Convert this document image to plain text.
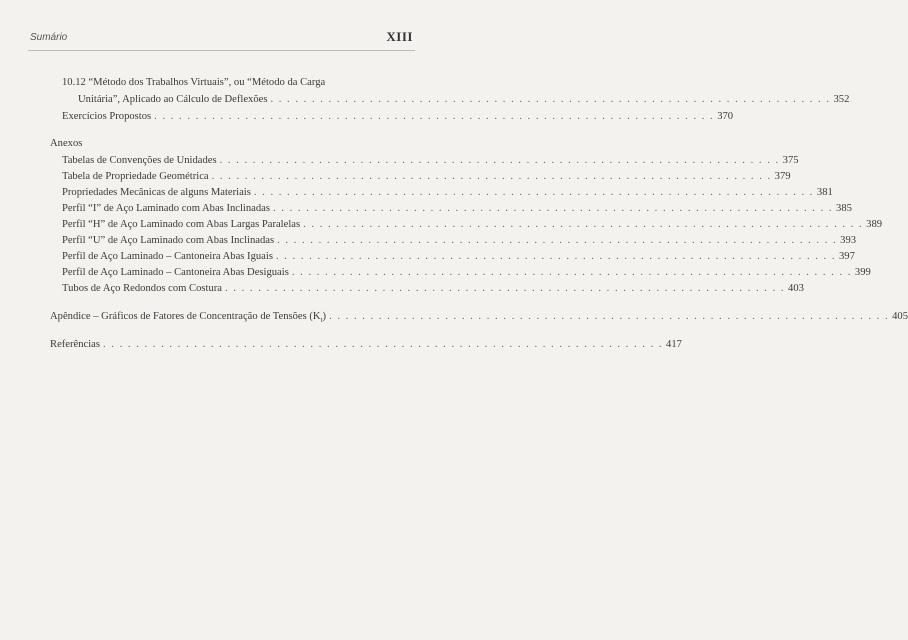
Sumário	XIII
10.12 “Método dos Trabalhos Virtuais”, ou “Método da Carga
Unitária”, Aplicado ao Cálculo de Deflexões . . . . . . . . . . . . . . . . . . . . . . . . . . . . . . . . . . . . . . . . . . . . . . . . . . . . . . . . . . . . . . . . . . . . 352
Exercícios Propostos . . . . . . . . . . . . . . . . . . . . . . . . . . . . . . . . . . . . . . . . . . . . . . . . . . . . . . . . . . . . . . . . . . . . 370
Anexos
Tabelas de Convenções de Unidades . . . . . . . . . . . . . . . . . . . . . . . . . . . . . . . . . . . . . . . . . . . . . . . . . . . . . . . . . . . . . . . . . . . . 375
Tabela de Propriedade Geométrica . . . . . . . . . . . . . . . . . . . . . . . . . . . . . . . . . . . . . . . . . . . . . . . . . . . . . . . . . . . . . . . . . . . . 379
Propriedades Mecânicas de alguns Materiais . . . . . . . . . . . . . . . . . . . . . . . . . . . . . . . . . . . . . . . . . . . . . . . . . . . . . . . . . . . . . . . . . . . . 381
Perfil “I” de Aço Laminado com Abas Inclinadas . . . . . . . . . . . . . . . . . . . . . . . . . . . . . . . . . . . . . . . . . . . . . . . . . . . . . . . . . . . . . . . . . . . . 385
Perfil “H” de Aço Laminado com Abas Largas Paralelas . . . . . . . . . . . . . . . . . . . . . . . . . . . . . . . . . . . . . . . . . . . . . . . . . . . . . . . . . . . . . . . . . . . . 389
Perfil “U” de Aço Laminado com Abas Inclinadas . . . . . . . . . . . . . . . . . . . . . . . . . . . . . . . . . . . . . . . . . . . . . . . . . . . . . . . . . . . . . . . . . . . . 393
Perfil de Aço Laminado – Cantoneira Abas Iguais . . . . . . . . . . . . . . . . . . . . . . . . . . . . . . . . . . . . . . . . . . . . . . . . . . . . . . . . . . . . . . . . . . . . 397
Perfil de Aço Laminado – Cantoneira Abas Desiguais . . . . . . . . . . . . . . . . . . . . . . . . . . . . . . . . . . . . . . . . . . . . . . . . . . . . . . . . . . . . . . . . . . . . 399
Tubos de Aço Redondos com Costura . . . . . . . . . . . . . . . . . . . . . . . . . . . . . . . . . . . . . . . . . . . . . . . . . . . . . . . . . . . . . . . . . . . . 403
Apêndice – Gráficos de Fatores de Concentração de Tensões $(K_t)$ . . . . . . . . . . . . . . . . . . . . . . . . . . . . . . . . . . . . . . . . . . . . . . . . . . . . . . . . . . . . . . . . . . . . 405
Referências . . . . . . . . . . . . . . . . . . . . . . . . . . . . . . . . . . . . . . . . . . . . . . . . . . . . . . . . . . . . . . . . . . . . 417
